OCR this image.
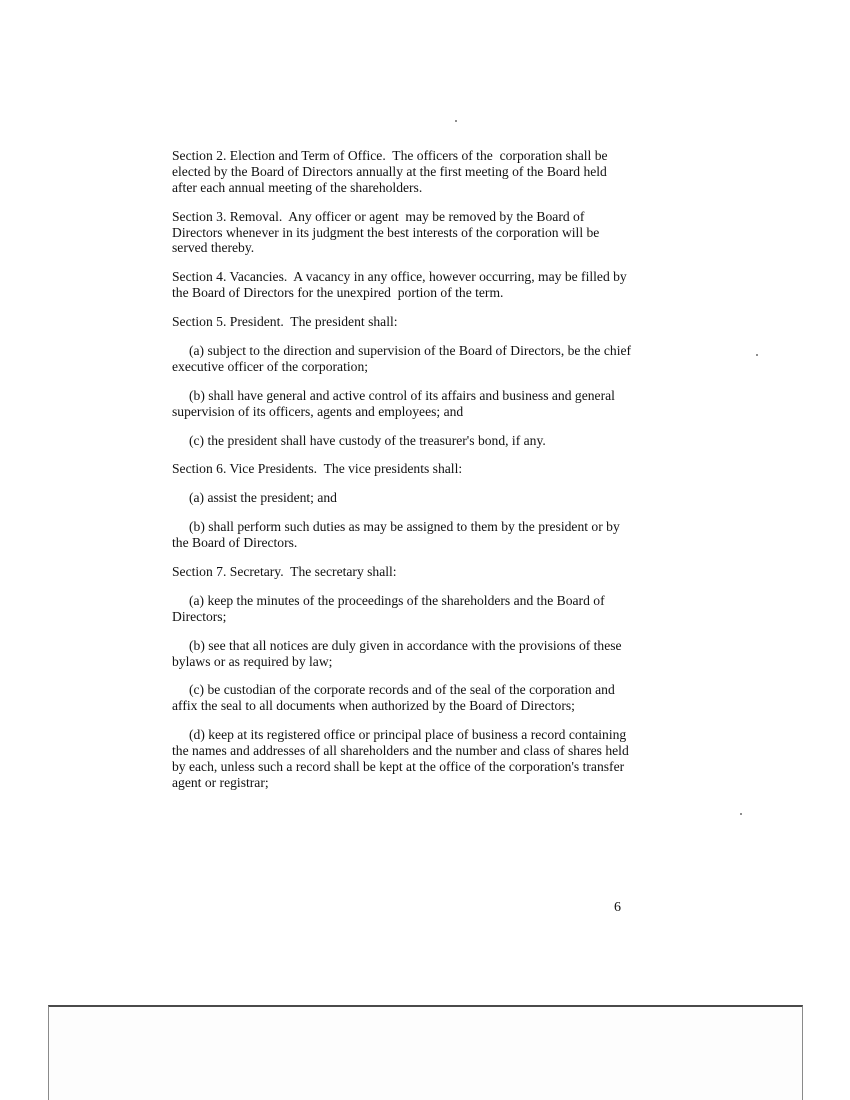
Section 2. Election and Term of Office.  The officers of the  corporation shall be elected by the Board of Directors annually at the first meeting of the Board held after each annual meeting of the shareholders.

Section 3. Removal.  Any officer or agent  may be removed by the Board of Directors whenever in its judgment the best interests of the corporation will be served thereby.

Section 4. Vacancies.  A vacancy in any office, however occurring, may be filled by the Board of Directors for the unexpired  portion of the term.

Section 5. President.  The president shall:

(a) subject to the direction and supervision of the Board of Directors, be the chief executive officer of the corporation;

(b) shall have general and active control of its affairs and business and general supervision of its officers, agents and employees; and

(c) the president shall have custody of the treasurer's bond, if any.

Section 6. Vice Presidents.  The vice presidents shall:

(a) assist the president; and

(b) shall perform such duties as may be assigned to them by the president or by the Board of Directors.

Section 7. Secretary.  The secretary shall:

(a) keep the minutes of the proceedings of the shareholders and the Board of Directors;

(b) see that all notices are duly given in accordance with the provisions of these bylaws or as required by law;

(c) be custodian of the corporate records and of the seal of the corporation and affix the seal to all documents when authorized by the Board of Directors;

(d) keep at its registered office or principal place of business a record containing the names and addresses of all shareholders and the number and class of shares held by each, unless such a record shall be kept at the office of the corporation's transfer agent or registrar;

6
